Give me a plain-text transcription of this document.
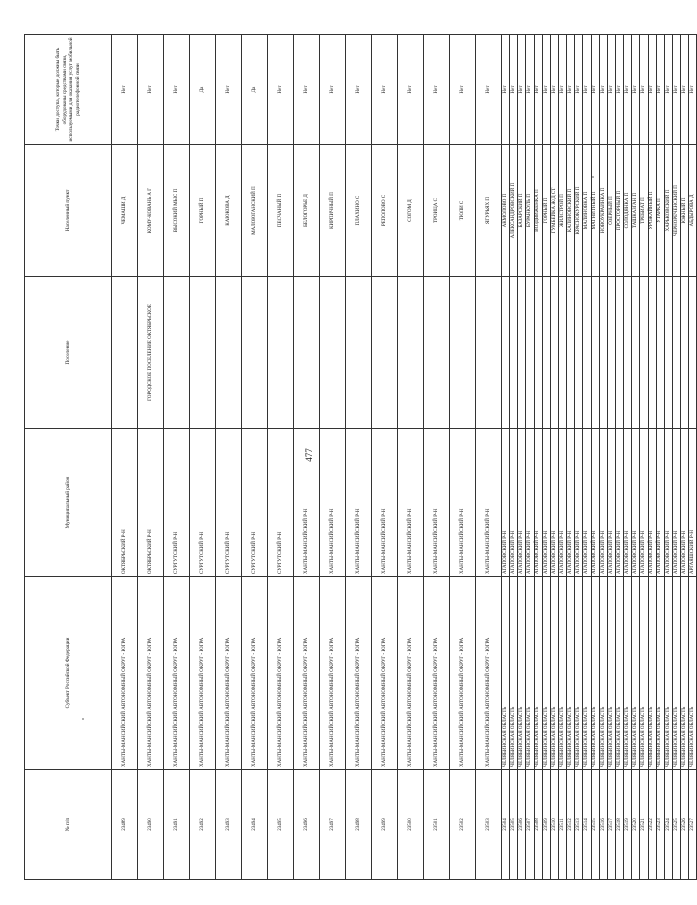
477
№ п/п	Субъект Российской Федерации	Муниципальный район	Поселение	Населенный пункт	Точки доступа, которые должны быть оборудованы средствами связи, используемыми для оказания услуг мобильной радиотелефонной связи
23489	ХАНТЫ-МАНСИЙСКИЙ АВТОНОМНЫЙ ОКРУГ - ЮГРА	ОКТЯБРЬСКИЙ Р-Н		ЧЕМАШИ Д	Нет
23490	ХАНТЫ-МАНСИЙСКИЙ АВТОНОМНЫЙ ОКРУГ - ЮГРА	ОКТЯБРЬСКИЙ Р-Н	ГОРОДСКОЕ ПОСЕЛЕНИЕ ОКТЯБРЬСКОЕ	КОМУ-КОВАНЬ А Г	Нет
23491	ХАНТЫ-МАНСИЙСКИЙ АВТОНОМНЫЙ ОКРУГ - ЮГРА	СУРГУТСКИЙ Р-Н		ВЫСОКИЙ МЫС П	Нет
23492	ХАНТЫ-МАНСИЙСКИЙ АВТОНОМНЫЙ ОКРУГ - ЮГРА	СУРГУТСКИЙ Р-Н		ГОРНЫЙ П	Да
23493	ХАНТЫ-МАНСИЙСКИЙ АВТОНОМНЫЙ ОКРУГ - ЮГРА	СУРГУТСКИЙ Р-Н		КАЮКОВА Д	Нет
23494	ХАНТЫ-МАНСИЙСКИЙ АВТОНОМНЫЙ ОКРУГ - ЮГРА	СУРГУТСКИЙ Р-Н		МАЛОЮГАНСКИЙ П	Да
23495	ХАНТЫ-МАНСИЙСКИЙ АВТОНОМНЫЙ ОКРУГ - ЮГРА	СУРГУТСКИЙ Р-Н		ПЕСЧАНЫЙ П	Нет
23496	ХАНТЫ-МАНСИЙСКИЙ АВТОНОМНЫЙ ОКРУГ - ЮГРА	ХАНТЫ-МАНСИЙСКИЙ Р-Н		БЕЛОГОРЬЕ Д	Нет
23497	ХАНТЫ-МАНСИЙСКИЙ АВТОНОМНЫЙ ОКРУГ - ЮГРА	ХАНТЫ-МАНСИЙСКИЙ Р-Н		КИРПИЧНЫЙ П	Нет
23498	ХАНТЫ-МАНСИЙСКИЙ АВТОНОМНЫЙ ОКРУГ - ЮГРА	ХАНТЫ-МАНСИЙСКИЙ Р-Н		ПЛАХИНО С	Нет
23499	ХАНТЫ-МАНСИЙСКИЙ АВТОНОМНЫЙ ОКРУГ - ЮГРА	ХАНТЫ-МАНСИЙСКИЙ Р-Н		РЕПОЛОВО С	Нет
23500	ХАНТЫ-МАНСИЙСКИЙ АВТОНОМНЫЙ ОКРУГ - ЮГРА	ХАНТЫ-МАНСИЙСКИЙ Р-Н		СОГОМ Д	Нет
23501	ХАНТЫ-МАНСИЙСКИЙ АВТОНОМНЫЙ ОКРУГ - ЮГРА	ХАНТЫ-МАНСИЙСКИЙ Р-Н		ТРОИЦА С	Нет
23502	ХАНТЫ-МАНСИЙСКИЙ АВТОНОМНЫЙ ОКРУГ - ЮГРА	ХАНТЫ-МАНСИЙСКИЙ Р-Н		ТЮЛИ С	Нет
23503	ХАНТЫ-МАНСИЙСКИЙ АВТОНОМНЫЙ ОКРУГ - ЮГРА	ХАНТЫ-МАНСИЙСКИЙ Р-Н		ЯГУРЬЯХ П	Нет
23504	ЧЕЛЯБИНСКАЯ ОБЛАСТЬ	АГАПОВСКИЙ Р-Н		АКМОЛОВО П	Нет
23505	ЧЕЛЯБИНСКАЯ ОБЛАСТЬ	АГАПОВСКИЙ Р-Н		АЛЕКСАНДРОВСКИЙ П	Нет
23506	ЧЕЛЯБИНСКАЯ ОБЛАСТЬ	АГАПОВСКИЙ Р-Н		БАЗАРСКИЙ П	Нет
23507	ЧЕЛЯБИНСКАЯ ОБЛАСТЬ	АГАПОВСКИЙ Р-Н		БУРАНКУЛЬ П	Нет
23508	ЧЕЛЯБИНСКАЯ ОБЛАСТЬ	АГАПОВСКИЙ Р-Н		ВОЗДВИЖЕНКА П	Нет
23509	ЧЕЛЯБИНСКАЯ ОБЛАСТЬ	АГАПОВСКИЙ Р-Н		ГОРНЫЙ П	Нет
23510	ЧЕЛЯБИНСКАЯ ОБЛАСТЬ	АГАПОВСКИЙ Р-Н		ГУМБЕЙКА Ж/Д СТ	Нет
23511	ЧЕЛЯБИНСКАЯ ОБЛАСТЬ	АГАПОВСКИЙ Р-Н		ЖИЛСТРОЙ П	Нет
23512	ЧЕЛЯБИНСКАЯ ОБЛАСТЬ	АГАПОВСКИЙ Р-Н		КАЛИНОВСКИЙ П	Нет
23513	ЧЕЛЯБИНСКАЯ ОБЛАСТЬ	АГАПОВСКИЙ Р-Н		КРАСНОКУРСКИЙ П	Нет
23514	ЧЕЛЯБИНСКАЯ ОБЛАСТЬ	АГАПОВСКИЙ Р-Н		МАЛИНОВКА П	Нет
23515	ЧЕЛЯБИНСКАЯ ОБЛАСТЬ	АГАПОВСКИЙ Р-Н		МАГНИТНЫЙ П	Нет
23516	ЧЕЛЯБИНСКАЯ ОБЛАСТЬ	АГАПОВСКИЙ Р-Н		НОВОУКРАИНКА П	Нет
23517	ЧЕЛЯБИНСКАЯ ОБЛАСТЬ	АГАПОВСКИЙ Р-Н		ОЗЕРНЫЙ П	Нет
23518	ЧЕЛЯБИНСКАЯ ОБЛАСТЬ	АГАПОВСКИЙ Р-Н		ПРОСТОРНЫЙ П	Нет
23519	ЧЕЛЯБИНСКАЯ ОБЛАСТЬ	АГАПОВСКИЙ Р-Н		СОЛОДЯНКА П	Нет
23520	ЧЕЛЯБИНСКАЯ ОБЛАСТЬ	АГАПОВСКИЙ Р-Н		ТАШКАЗГАН П	Нет
23521	ЧЕЛЯБИНСКАЯ ОБЛАСТЬ	АГАПОВСКИЙ Р-Н		ТРЕБИАТ П	Нет
23522	ЧЕЛЯБИНСКАЯ ОБЛАСТЬ	АГАПОВСКИЙ Р-Н		УРОЖАЙНЫЙ П	Нет
23523	ЧЕЛЯБИНСКАЯ ОБЛАСТЬ	АГАПОВСКИЙ Р-Н		УТАРКА П	Нет
23524	ЧЕЛЯБИНСКАЯ ОБЛАСТЬ	АГАПОВСКИЙ Р-Н		ХАРЬКОВСКИЙ П	Нет
23525	ЧЕЛЯБИНСКАЯ ОБЛАСТЬ	АГАПОВСКИЙ Р-Н		ЧЕРНОРЕЧЕНСКИЙ П	Нет
23526	ЧЕЛЯБИНСКАЯ ОБЛАСТЬ	АГАПОВСКИЙ Р-Н		ЮЖНЫЙ П	Нет
23527	ЧЕЛЯБИНСКАЯ ОБЛАСТЬ	АРГАЯШСКИЙ Р-Н		АБДЫРОВА Д	Нет
